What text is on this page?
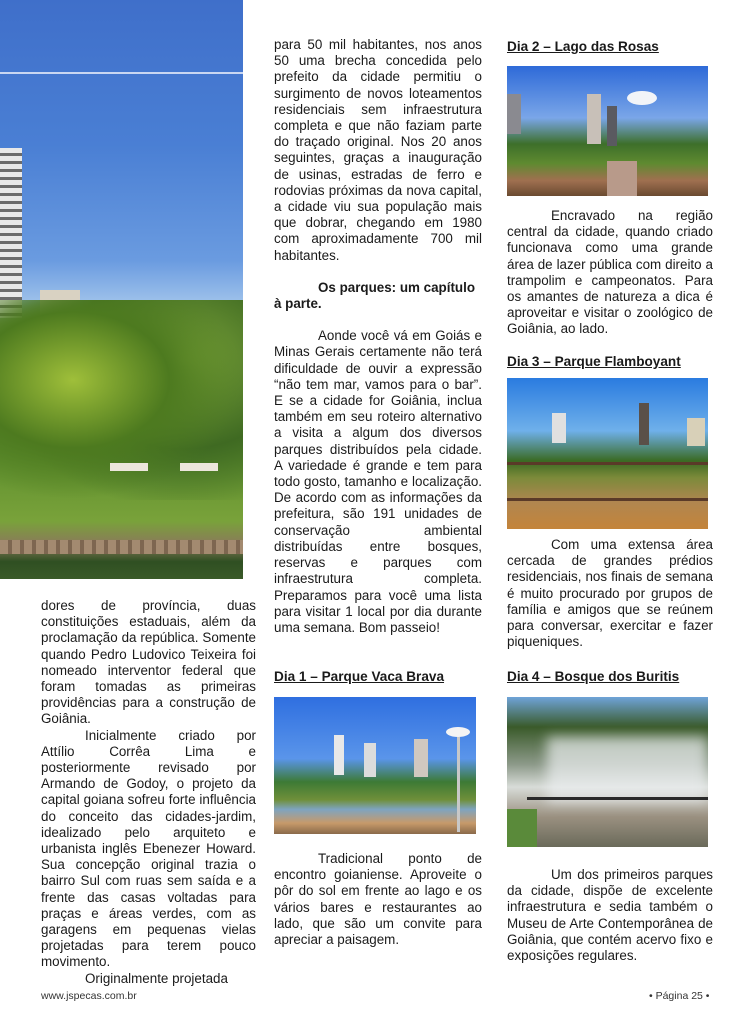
dores de província, duas constituições estaduais, além da proclamação da república. Somente quando Pedro Ludovico Teixeira foi nomeado interventor federal que foram tomadas as primeiras providências para a construção de Goiânia.

Inicialmente criado por Attílio Corrêa Lima e posteriormente revisado por Armando de Godoy, o projeto da capital goiana sofreu forte influência do conceito das cidades-jardim, idealizado pelo arquiteto e urbanista inglês Ebenezer Howard. Sua concepção original trazia o bairro Sul com ruas sem saída e a frente das casas voltadas para praças e áreas verdes, com as garagens em pequenas vielas projetadas para terem pouco movimento.

Originalmente projetada

para 50 mil habitantes, nos anos 50 uma brecha concedida pelo prefeito da cidade permitiu o surgimento de novos loteamentos residenciais sem infraestrutura completa e que não faziam parte do traçado original. Nos 20 anos seguintes, graças a inauguração de usinas, estradas de ferro e rodovias próximas da nova capital, a cidade viu sua população mais que dobrar, chegando em 1980 com aproximadamente 700 mil habitantes.

Os parques: um capítulo à parte.

Aonde você vá em Goiás e Minas Gerais certamente não terá dificuldade de ouvir a expressão “não tem mar, vamos para o bar”. E se a cidade for Goiânia, inclua também em seu roteiro alternativo a visita a algum dos diversos parques distribuídos pela cidade. A variedade é grande e tem para todo gosto, tamanho e localização. De acordo com as informações da prefeitura, são 191 unidades de conservação ambiental distribuídas entre bosques, reservas e parques com infraestrutura completa. Preparamos para você uma lista para visitar 1 local por dia durante uma semana. Bom passeio!

Dia 1 – Parque Vaca Brava

Tradicional ponto de encontro goianiense. Aproveite o pôr do sol em frente ao lago e os vários bares e restaurantes ao lado, que são um convite para apreciar a paisagem.

Dia 2 – Lago das Rosas

Encravado na região central da cidade, quando criado funcionava como uma grande área de lazer pública com direito a trampolim e campeonatos. Para os amantes de natureza a dica é aproveitar e visitar o zoológico de Goiânia, ao lado.

Dia 3 – Parque Flamboyant

Com uma extensa área cercada de grandes prédios residenciais, nos finais de semana é muito procurado por grupos de família e amigos que se reúnem para conversar, exercitar e fazer piqueniques.

Dia 4 – Bosque dos Buritis

Um dos primeiros parques da cidade, dispõe de excelente infraestrutura e sedia também o Museu de Arte Contemporânea de Goiânia, que contém acervo fixo e exposições regulares.

www.jspecas.com.br	• Página 25 •
